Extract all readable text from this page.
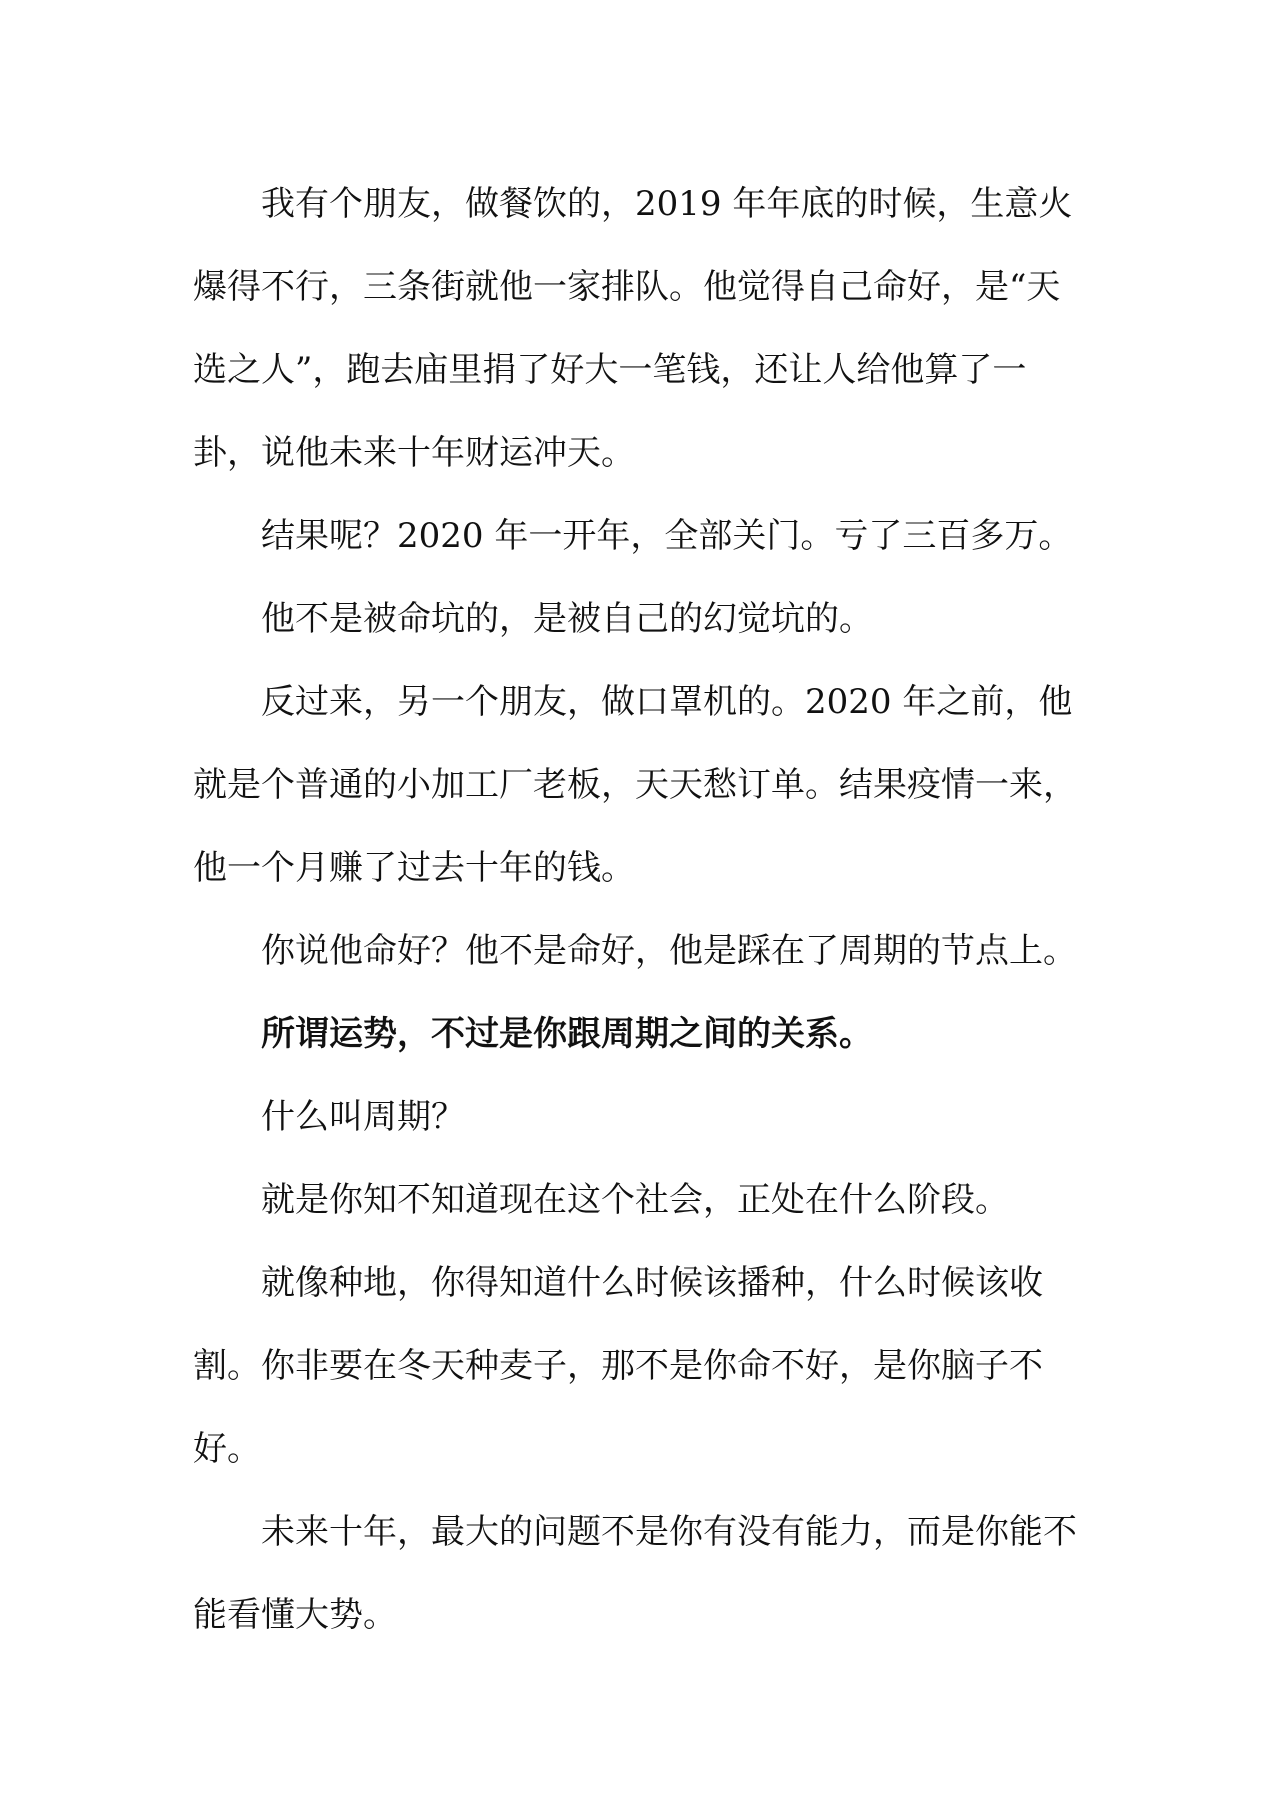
我有个朋友，做餐饮的，2019 年年底的时候，生意火爆得不行，三条街就他一家排队。他觉得自己命好，是“天选之人”，跑去庙里捐了好大一笔钱，还让人给他算了一卦，说他未来十年财运冲天。

结果呢？2020 年一开年，全部关门。亏了三百多万。

他不是被命坑的，是被自己的幻觉坑的。

反过来，另一个朋友，做口罩机的。2020 年之前，他就是个普通的小加工厂老板，天天愁订单。结果疫情一来，他一个月赚了过去十年的钱。

你说他命好？他不是命好，他是踩在了周期的节点上。

所谓运势，不过是你跟周期之间的关系。

什么叫周期？

就是你知不知道现在这个社会，正处在什么阶段。

就像种地，你得知道什么时候该播种，什么时候该收割。你非要在冬天种麦子，那不是你命不好，是你脑子不好。

未来十年，最大的问题不是你有没有能力，而是你能不能看懂大势。
